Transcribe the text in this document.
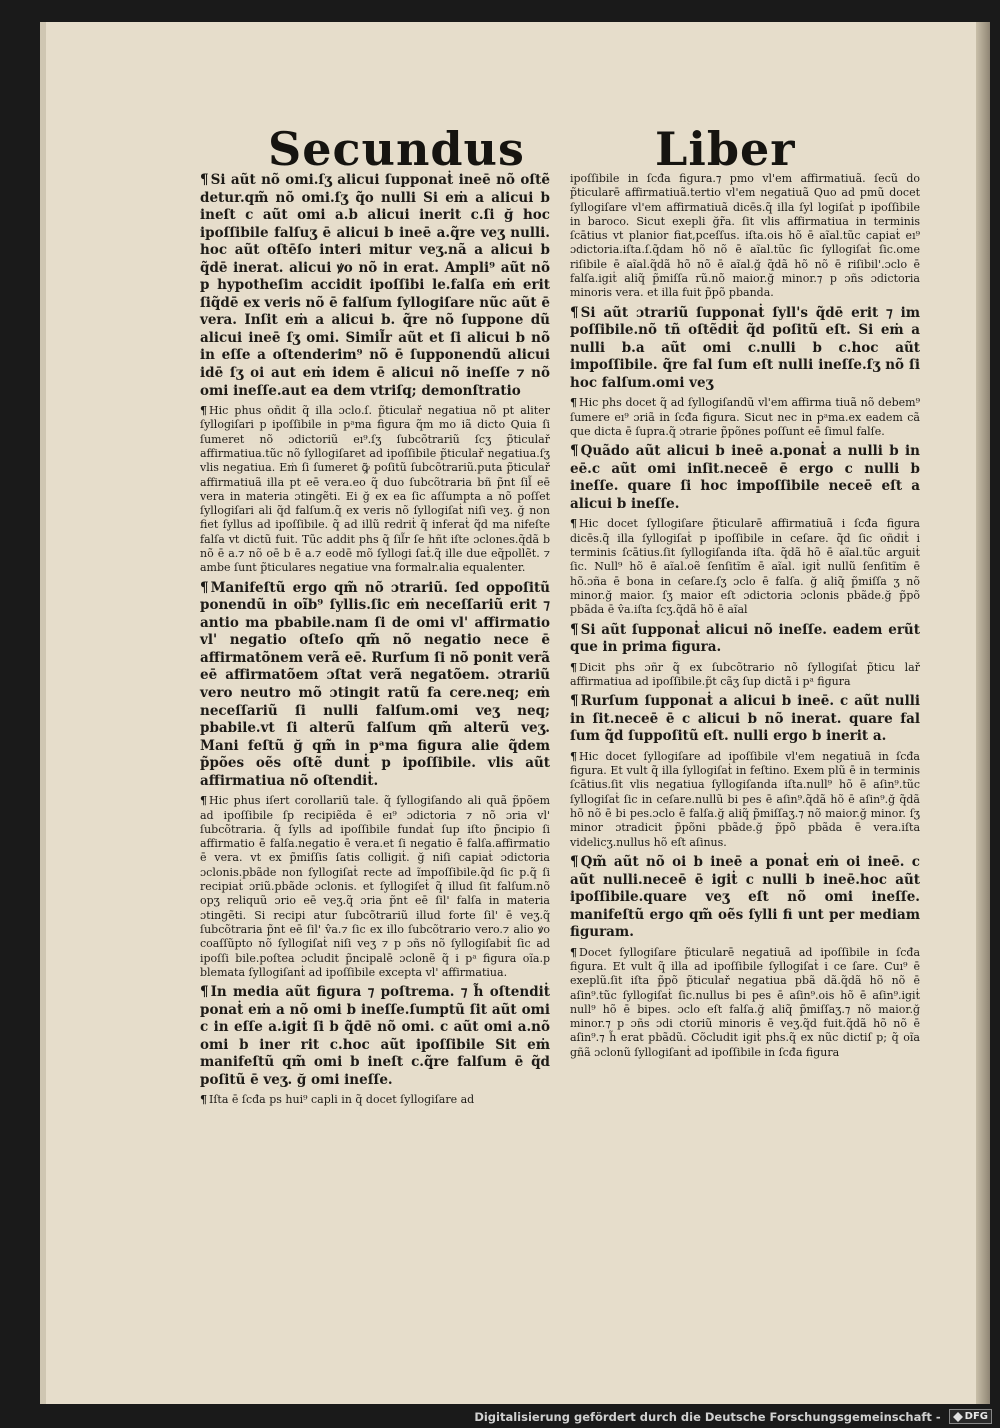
Secundus	Liber

¶ Si aũt nõ omi.ſʒ alicui ſupponaṫ ineē nõ oſtẽ detur.qm̃ nõ omi.ſʒ q̃o nulli Si eṁ a alicui b ineſt c aũt omi a.b alicui inerit c.ſi ğ hoc ipoſſibile falſuʒ ē alicui b ineē a.q̃re veʒ nulli. hoc aũt oſtēſo interi mitur veʒ.nã a alicui b q̃dē inerat. alicui ꝟo nõ in erat. Ampli⁹ aũt nõ p hypotheſim accidit ipoſſibi le.falſa eṁ erit ſiq̃dē ex veris nõ ē falſum ſyllogiſare nũc aũt ē vera. Inſit eṁ a alicui b. q̃re nõ ſuppone dũ alicui ineē ſʒ omi. Simil̃r aũt et ſi alicui b nõ in eſſe a oſtenderim⁹ nõ ē ſupponendũ alicui idē ſʒ oi aut eṁ idem ē alicui nõ ineſſe ⁊ nõ omi ineſſe.aut ea dem vtriſq; demonſtratio

¶ Hic phus oñdit q̃ illa ɔclo.ſ. p̃ticulař negatiua nõ pt aliter ſyllogiſari p ipoſſibile in pᵃma figura q̃m mo iã dicto Quia ſi ſumeret nõ ɔdictoriũ eı⁹.ſʒ ſubcõtrariũ ſcʒ p̃ticulař affirmatiua.tũc nõ ſyllogiſaret ad ipoſſibile p̃ticulař negatiua.ſʒ vlis negatiua. Eṁ ſi ſumeret ꝙ̃ poſitũ ſubcõtrariũ.puta p̃ticulař affirmatiuã illa pt eē vera.eo q̃ duo ſubcõtraria bñ p̃nt ſil̃ eē vera in materia ɔtingẽti. Ei ğ ex ea ſic aſſumpta a nõ poſſet ſyllogiſari ali q̃d falſum.q̃ ex veris nõ ſyllogiſaṫ niſi veʒ. ğ non fiet ſyllus ad ipoſſibile. q̃ ad illũ redriṫ q̃ inferaṫ q̃d ma nifeſte falſa vt dictũ fuit. Tũc addit phs q̃ ſil̃r ſe hñt iſte ɔclones.q̃dã b nõ ē a.⁊ nõ oē b ē a.⁊ eodē mõ ſyllogi ſaṫ.q̃ ille due eq̃pollẽt. ⁊ ambe ſunt p̃ticulares negatiue vna formalr.alia equalenter.

¶ Manifeſtũ ergo qm̃ nõ ɔtrariũ. ſed oppoſitũ ponendũ in oĩb⁹ ſyllis.ſic eṁ neceſſariũ erit ⁊ antio ma pbabile.nam ſi de omi vl' affirmatio vl' negatio oſteſo qm̃ nõ negatio nece ē affirmatõnem verã eē. Rurſum ſi nõ ponit verã eē affirmatõem ɔſtat verã negatõem. ɔtrariũ vero neutro mõ ɔtingit ratũ fa cere.neq; eṁ neceſſariũ ſi nulli falſum.omi veʒ neq; pbabile.vt ſi alterũ falſum qm̃ alterũ veʒ. Mani feſtũ ğ qm̃ in pᵃma figura alie q̃dem p̃pões oẽs oſtẽ dunṫ p ipoſſibile. vlis aũt affirmatiua nõ oſtendiṫ.

¶ Hic phus iſert corollariũ tale. q̃ ſyllogiſando ali quã p̃põem ad ipoſſibile ſp recipiẽda ē eı⁹ ɔdictoria ⁊ nõ ɔria vl' ſubcõtraria. q̃ ſylls ad ipoſſibile fundaṫ ſup iſto p̃ncipio ſi affirmatio ē falſa.negatio ē vera.et ſi negatio ē falſa.affirmatio ē vera. vt ex p̃miſſis ſatis colligiṫ. ğ niſi capiaṫ ɔdictoria ɔclonis.pbãde non ſyllogiſaṫ recte ad ĩmpoſſibile.q̃d ſic p.q̃ ſi recipiaṫ ɔriũ.pbãde ɔclonis. et ſyllogiſeṫ q̃ illud ſit falſum.nõ opʒ reliquũ ɔrio eē veʒ.q̃ ɔria p̃nt eē ſil' falſa in materia ɔtingẽti. Si recipi atur ſubcõtrariũ illud forte ſil' ē veʒ.q̃ ſubcõtraria p̃nt eē ſil' v̂a.⁊ ſic ex illo ſubcõtrario vero.⁊ alio ꝟo coaſſũpto nõ ſyllogiſaṫ niſi veʒ ⁊ p ɔñs nõ ſyllogiſabiṫ ſic ad ipoſſi bile.poſtea ɔcludit p̃ncipalē ɔclonẽ q̃ i pᵃ figura oĩa.p blemata ſyllogiſanṫ ad ipoſſibile excepta vl' affirmatiua.

¶ In media aũt figura ⁊ poſtrema. ⁊ h̃ oſtendiṫ ponaṫ eṁ a nõ omi b ineſſe.ſumptũ ſit aũt omi c in eſſe a.igiṫ ſi b q̃dē nõ omi. c aũt omi a.nõ omi b iner rit c.hoc aũt ipoſſibile Sit eṁ manifeſtũ qm̃ omi b ineſt c.q̃re falſum ē q̃d poſitũ ē veʒ. ğ omi ineſſe.

¶ Iſta ē ſcđa ps hui⁹ capli in q̃ docet ſyllogiſare ad

ipoſſibile in ſcđa figura.⁊ pmo vl'em affirmatiuã. ſecũ do p̃ticularē affirmatiuã.tertio vl'em negatiuã Quo ad pmũ docet ſyllogiſare vl'em affirmatiuã dicēs.q̃ illa ſyl logiſaṫ p ipoſſibile in baroco. Sicut exepli ğr̃a. ſit vlis affirmatiua in terminis ſcātius vt planior fiat,pceſſus. iſta.ois hõ ē aĩal.tũc capiaṫ eı⁹ ɔdictoria.iſta.ſ.q̃dam hõ nõ ē aĩal.tũc ſic ſyllogiſaṫ ſic.ome riſibile ē aĩal.q̃dã hõ nõ ē aĩal.ğ q̃dã hõ nõ ē riſibil'.ɔclo ē falſa.igiṫ aliq̃ p̃miſſa rũ.nõ maior.ğ minor.⁊ p ɔñs ɔdictoria minoris vera. et illa fuit p̃põ pbanda.

¶ Si aũt ɔtrariũ ſupponaṫ ſyll's q̃dē erit ⁊ im poſſibile.nõ tñ oſtẽdiṫ q̃d poſitũ eſt. Si eṁ a nulli b.a aũt omi c.nulli b c.hoc aũt impoſſibile. q̃re fal ſum eſt nulli ineſſe.ſʒ nõ ſi hoc falſum.omi veʒ

¶ Hic phs docet q̃ ad ſyllogiſandũ vl'em affirma tiuã nõ debem⁹ ſumere eı⁹ ɔriã in ſcđa figura. Sicut nec in pᵃma.ex eadem cã que dicta ē ſupra.q̃ ɔtrarie p̃põnes poſſunt eē ſimul falſe.

¶ Quãdo aũt alicui b ineē a.ponaṫ a nulli b in eē.c aũt omi inſit.neceē ē ergo c nulli b ineſſe. quare ſi hoc impoſſibile neceē eſt a alicui b ineſſe.

¶ Hic docet ſyllogiſare p̃ticularē affirmatiuã i ſcđa figura dicēs.q̃ illa ſyllogiſaṫ p ipoſſibile in ceſare. q̃d ſic oñdiṫ i terminis ſcātius.ſit ſyllogiſanda iſta. q̃dã hõ ē aĩal.tũc arguiṫ ſic. Null⁹ hõ ē aĩal.oẽ ſenſitĩm ē aĩal. igiṫ nullũ ſenſitĩm ē hõ.ɔña ē bona in ceſare.ſʒ ɔclo ē falſa. ğ aliq̃ p̃miſſa ʒ nõ minor.ğ maior. ſʒ maior eſt ɔdictoria ɔclonis pbãde.ğ p̃põ pbãda ē v̂a.iſta ſcʒ.q̃dã hõ ē aĩal

¶ Si aũt ſupponaṫ alicui nõ ineſſe. eadem erũt que in prima figura.

¶ Dicit phs ɔñr q̃ ex ſubcõtrario nõ ſyllogiſaṫ p̃ticu lař affirmatiua ad ipoſſibile.p̃t cãʒ ſup dictã i pᵃ figura

¶ Rurſum ſupponaṫ a alicui b ineē. c aũt nulli in ſit.neceē ē c alicui b nõ inerat. quare fal ſum q̃d ſuppoſitũ eſt. nulli ergo b inerit a.

¶ Hic docet ſyllogiſare ad ipoſſibile vl'em negatiuã in ſcđa figura. Et vult q̃ illa ſyllogiſaṫ in feſtino. Exem plũ ē in terminis ſcātius.ſit vlis negatiua ſyllogiſanda iſta.null⁹ hõ ē aſin⁹.tũc ſyllogiſaṫ ſic in ceſare.nullũ bi pes ē aſin⁹.q̃dã hõ ē aſin⁹.ğ q̃dã hõ nõ ē bi pes.ɔclo ē falſa.ğ aliq̃ p̃miſſaʒ.⁊ nõ maior.ğ minor. ſʒ minor ɔtradicit p̃põni pbãde.ğ p̃põ pbãda ē vera.iſta videlicʒ.nullus hõ eſt aſinus.

¶ Qm̃ aũt nõ oi b ineē a ponaṫ eṁ oi ineē. c aũt nulli.neceē ē igiṫ c nulli b ineē.hoc aũt ipoſſibile.quare veʒ eſt nõ omi ineſſe. manifeſtũ ergo qm̃ oẽs ſylli fi unt per mediam figuram.

¶ Docet ſyllogiſare p̃ticularē negatiuã ad ipoſſibile in ſcđa figura. Et vult q̃ illa ad ipoſſibile ſyllogiſaṫ i ce ſare. Cuı⁹ ē exeplũ.ſit iſta p̃põ p̃ticulař negatiua pbã dã.q̃dã hõ nõ ē aſin⁹.tũc ſyllogiſaṫ ſic.nullus bi pes ē aſin⁹.ois hõ ē aſin⁹.igiṫ null⁹ hõ ē bipes. ɔclo eſt falſa.ğ aliq̃ p̃miſſaʒ.⁊ nõ maior.ğ minor.⁊ p ɔñs ɔdi ctoriũ minoris ē veʒ.q̃d fuit.q̃dã hõ nõ ē aſin⁹.⁊ h̃ erat pbãdũ. Cõcludit igiṫ phs.q̃ ex nũc dictiſ p; q̃ oĩa gñã ɔclonũ ſyllogiſanṫ ad ipoſſibile in ſcđa figura

Digitalisierung gefördert durch die Deutsche Forschungsgemeinschaft - DFG
